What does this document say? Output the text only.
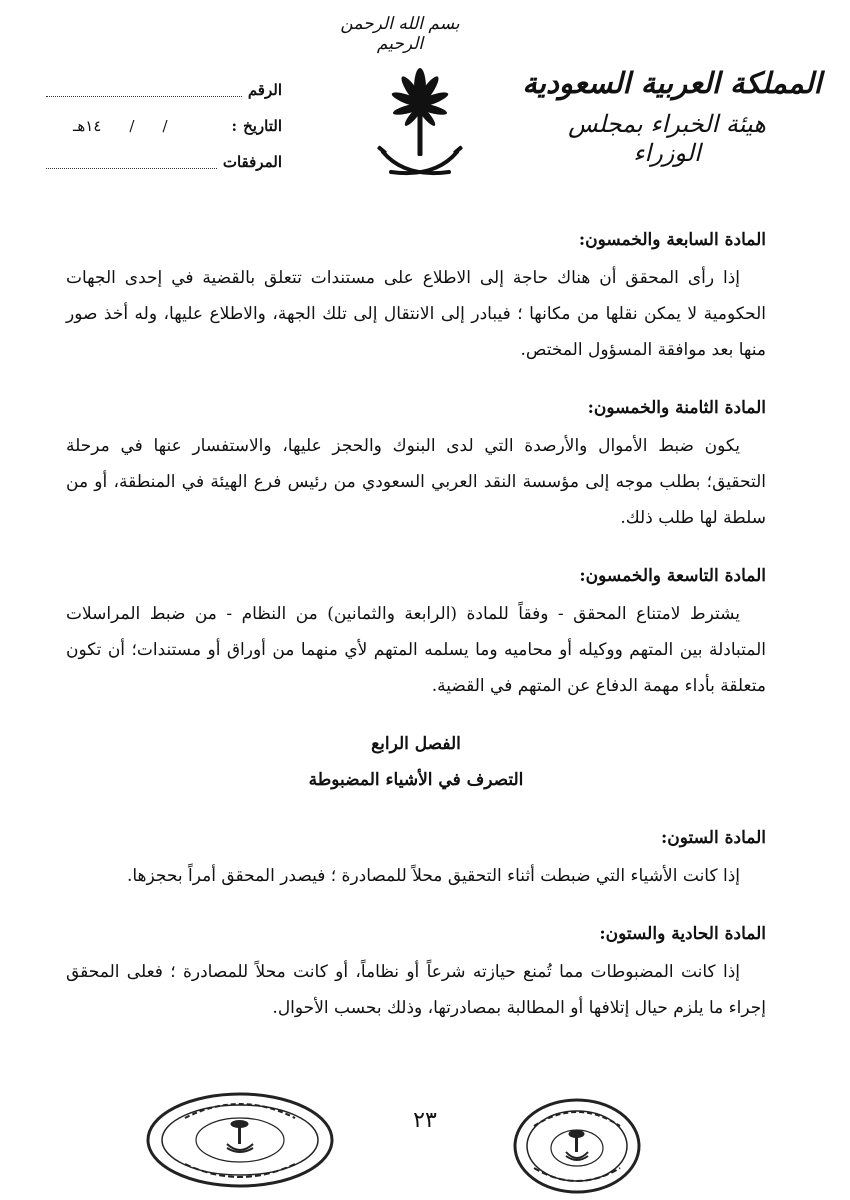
بسم الله الرحمن الرحيم
المملكة العربية السعودية
هيئة الخبراء بمجلس الوزراء
الرقم
التاريخ
:
/
/
١٤هـ
المرفقات
المادة السابعة والخمسون:

إذا رأى المحقق أن هناك حاجة إلى الاطلاع على مستندات تتعلق بالقضية في إحدى الجهات الحكومية لا يمكن نقلها من مكانها ؛ فيبادر إلى الانتقال إلى تلك الجهة، والاطلاع عليها، وله أخذ صور منها بعد موافقة المسؤول المختص.

المادة الثامنة والخمسون:

يكون ضبط الأموال والأرصدة التي لدى البنوك والحجز عليها، والاستفسار عنها في مرحلة التحقيق؛ بطلب موجه إلى مؤسسة النقد العربي السعودي من رئيس فرع الهيئة في المنطقة، أو من سلطة لها طلب ذلك.

المادة التاسعة والخمسون:

يشترط لامتناع المحقق - وفقاً للمادة (الرابعة والثمانين) من النظام - من ضبط المراسلات المتبادلة بين المتهم ووكيله أو محاميه وما يسلمه المتهم لأي منهما من أوراق أو مستندات؛ أن تكون متعلقة بأداء مهمة الدفاع عن المتهم في القضية.

الفصل الرابع

التصرف في الأشياء المضبوطة

المادة الستون:

إذا كانت الأشياء التي ضبطت أثناء التحقيق محلاً للمصادرة ؛ فيصدر المحقق أمراً بحجزها.

المادة الحادية والستون:

إذا كانت المضبوطات مما تُمنع حيازته شرعاً أو نظاماً، أو كانت محلاً للمصادرة ؛ فعلى المحقق إجراء ما يلزم حيال إتلافها أو المطالبة بمصادرتها، وذلك بحسب الأحوال.

٢٣
